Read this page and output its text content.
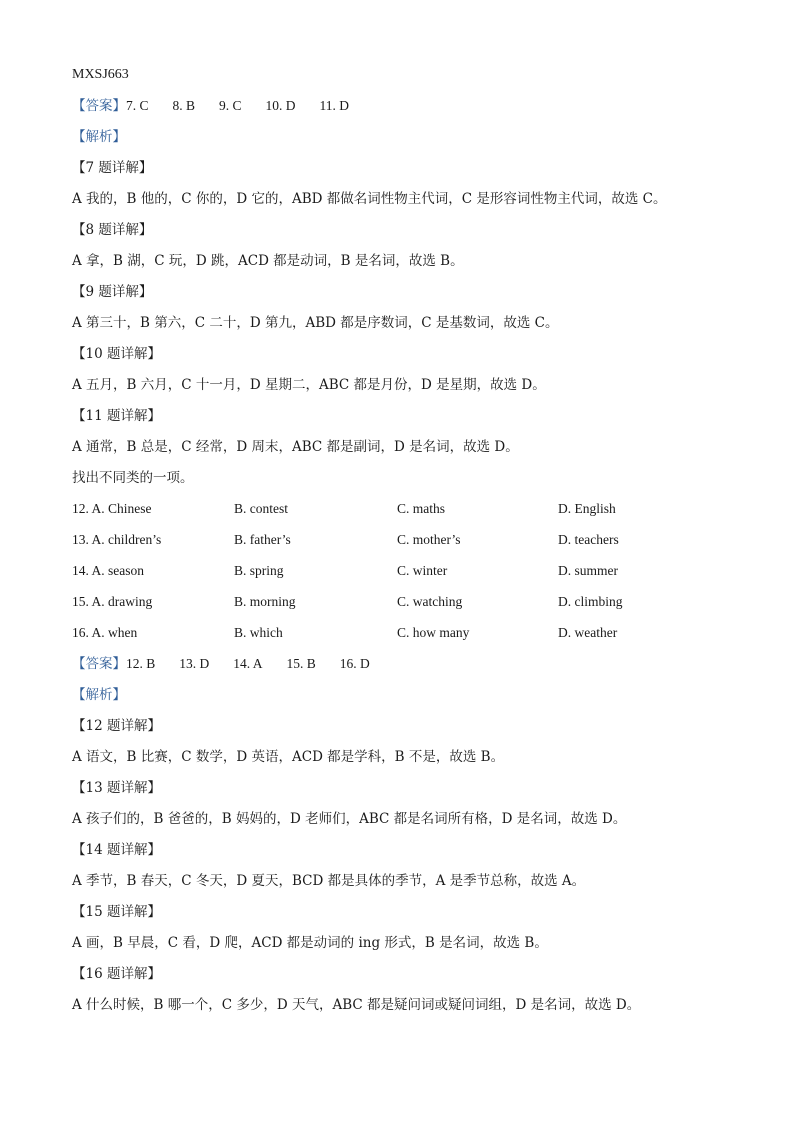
MXSJ663
【答案】7. C 8. B 9. C 10. D 11. D
【解析】
【7 题详解】
A 我的，B 他的，C 你的，D 它的，ABD 都做名词性物主代词，C 是形容词性物主代词，故选 C。
【8 题详解】
A 拿，B 湖，C 玩，D 跳，ACD 都是动词，B 是名词，故选 B。
【9 题详解】
A 第三十，B 第六，C 二十，D 第九，ABD 都是序数词，C 是基数词，故选 C。
【10 题详解】
A 五月，B 六月，C 十一月，D 星期二，ABC 都是月份，D 是星期，故选 D。
【11 题详解】
A 通常，B 总是，C 经常，D 周末，ABC 都是副词，D 是名词，故选 D。
找出不同类的一项。
12. A. Chinese	B. contest	C. maths	D. English
13. A. children’s	B. father’s	C. mother’s	D. teachers
14. A. season	B. spring	C. winter	D. summer
15. A. drawing	B. morning	C. watching	D. climbing
16. A. when	B. which	C. how many	D. weather
【答案】12. B 13. D 14. A 15. B 16. D
【解析】
【12 题详解】
A 语文，B 比赛，C 数学，D 英语，ACD 都是学科，B 不是，故选 B。
【13 题详解】
A 孩子们的，B 爸爸的，B 妈妈的，D 老师们，ABC 都是名词所有格，D 是名词，故选 D。
【14 题详解】
A 季节，B 春天，C 冬天，D 夏天，BCD 都是具体的季节，A 是季节总称，故选 A。
【15 题详解】
A 画，B 早晨，C 看，D 爬，ACD 都是动词的 ing 形式，B 是名词，故选 B。
【16 题详解】
A 什么时候，B 哪一个，C 多少，D 天气，ABC 都是疑问词或疑问词组，D 是名词，故选 D。
